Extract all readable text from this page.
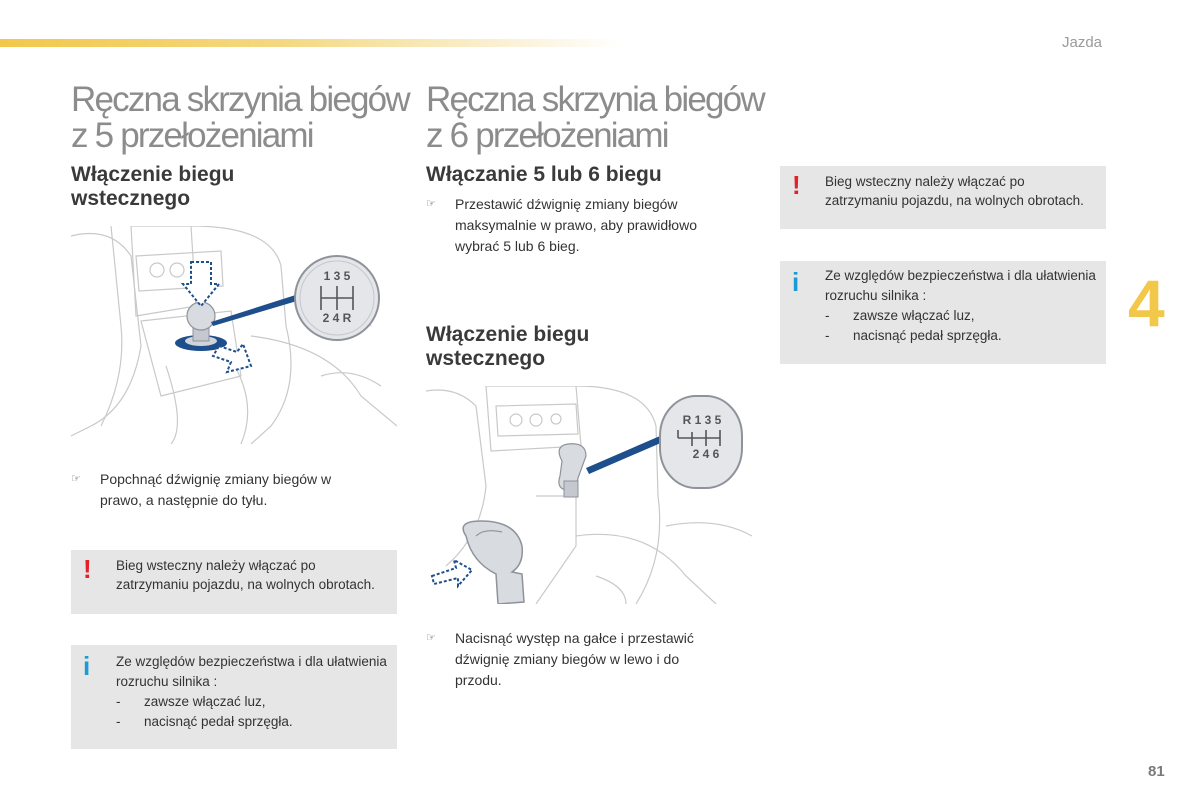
Jazda
4
81
Ręczna skrzynia biegów z 5 przełożeniami
Włączenie biegu wstecznego
1 3 5
2 4 R
☞	Popchnąć dźwignię zmiany biegów w prawo, a następnie do tyłu.
! Bieg wsteczny należy włączać po zatrzymaniu pojazdu, na wolnych obrotach.
i Ze względów bezpieczeństwa i dla ułatwienia rozruchu silnika :
- zawsze włączać luz,
- nacisnąć pedał sprzęgła.
Ręczna skrzynia biegów z 6 przełożeniami
Włączanie 5 lub 6 biegu
☞	Przestawić dźwignię zmiany biegów maksymalnie w prawo, aby prawidłowo wybrać 5 lub 6 bieg.
Włączenie biegu wstecznego
R 1 3 5
2 4 6
☞	Nacisnąć występ na gałce i przestawić dźwignię zmiany biegów w lewo i do przodu.
! Bieg wsteczny należy włączać po zatrzymaniu pojazdu, na wolnych obrotach.
i Ze względów bezpieczeństwa i dla ułatwienia rozruchu silnika :
- zawsze włączać luz,
- nacisnąć pedał sprzęgła.
